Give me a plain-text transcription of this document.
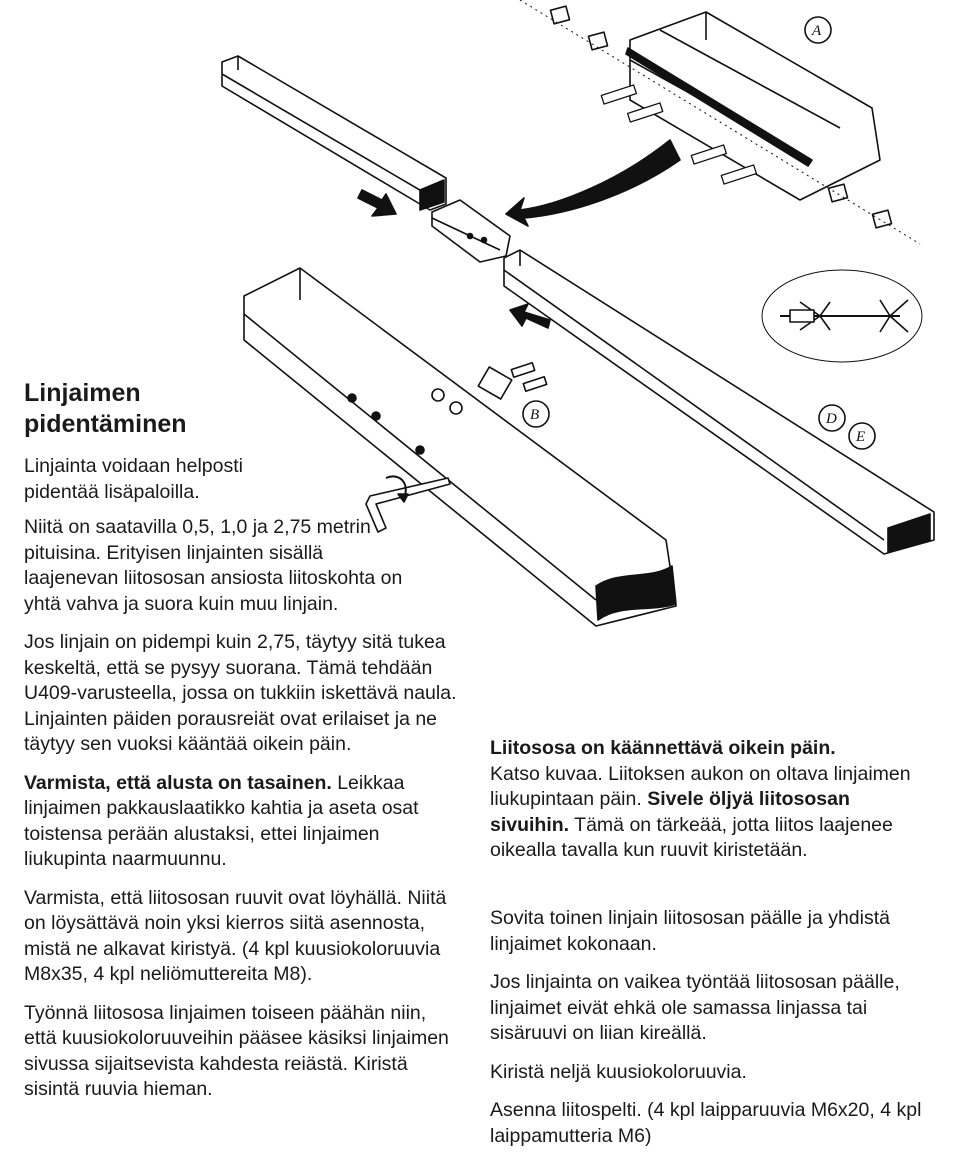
A
D
E
B
Linjaimen
pidentäminen

Linjainta voidaan helposti pidentää lisäpaloilla.

Niitä on saatavilla 0,5, 1,0 ja 2,75 metrin pituisina. Erityisen linjainten sisällä laajenevan liitososan ansiosta liitoskohta on yhtä vahva ja suora kuin muu linjain.

Jos linjain on pidempi kuin 2,75, täytyy sitä tukea keskeltä, että se pysyy suorana. Tämä tehdään U409-varusteella, jossa on tukkiin iskettävä naula. Linjainten päiden porausreiät ovat erilaiset ja ne täytyy sen vuoksi kääntää oikein päin.

Varmista, että alusta on tasainen. Leikkaa linjaimen pakkauslaatikko kahtia ja aseta osat toistensa perään alustaksi, ettei linjaimen liukupinta naarmuunnu.

Varmista, että liitososan ruuvit ovat löyhällä. Niitä on löysättävä noin yksi kierros siitä asennosta, mistä ne alkavat kiristyä. (4 kpl kuusiokoloruuvia M8x35, 4 kpl neliömuttereita M8).

Työnnä liitososa linjaimen toiseen päähän niin, että kuusiokoloruuveihin pääsee käsiksi linjaimen sivussa sijaitsevista kahdesta reiästä. Kiristä sisintä ruuvia hieman.

Liitososa on käännettävä oikein päin.
Katso kuvaa. Liitoksen aukon on oltava linjaimen liukupintaan päin. Sivele öljyä liitososan sivuihin. Tämä on tärkeää, jotta liitos laajenee oikealla tavalla kun ruuvit kiristetään.

Sovita toinen linjain liitososan päälle ja yhdistä linjaimet kokonaan.

Jos linjainta on vaikea työntää liitososan päälle, linjaimet eivät ehkä ole samassa linjassa tai sisäruuvi on liian kireällä.

Kiristä neljä kuusiokoloruuvia.

Asenna liitospelti. (4 kpl laipparuuvia M6x20, 4 kpl laippamutteria M6)
